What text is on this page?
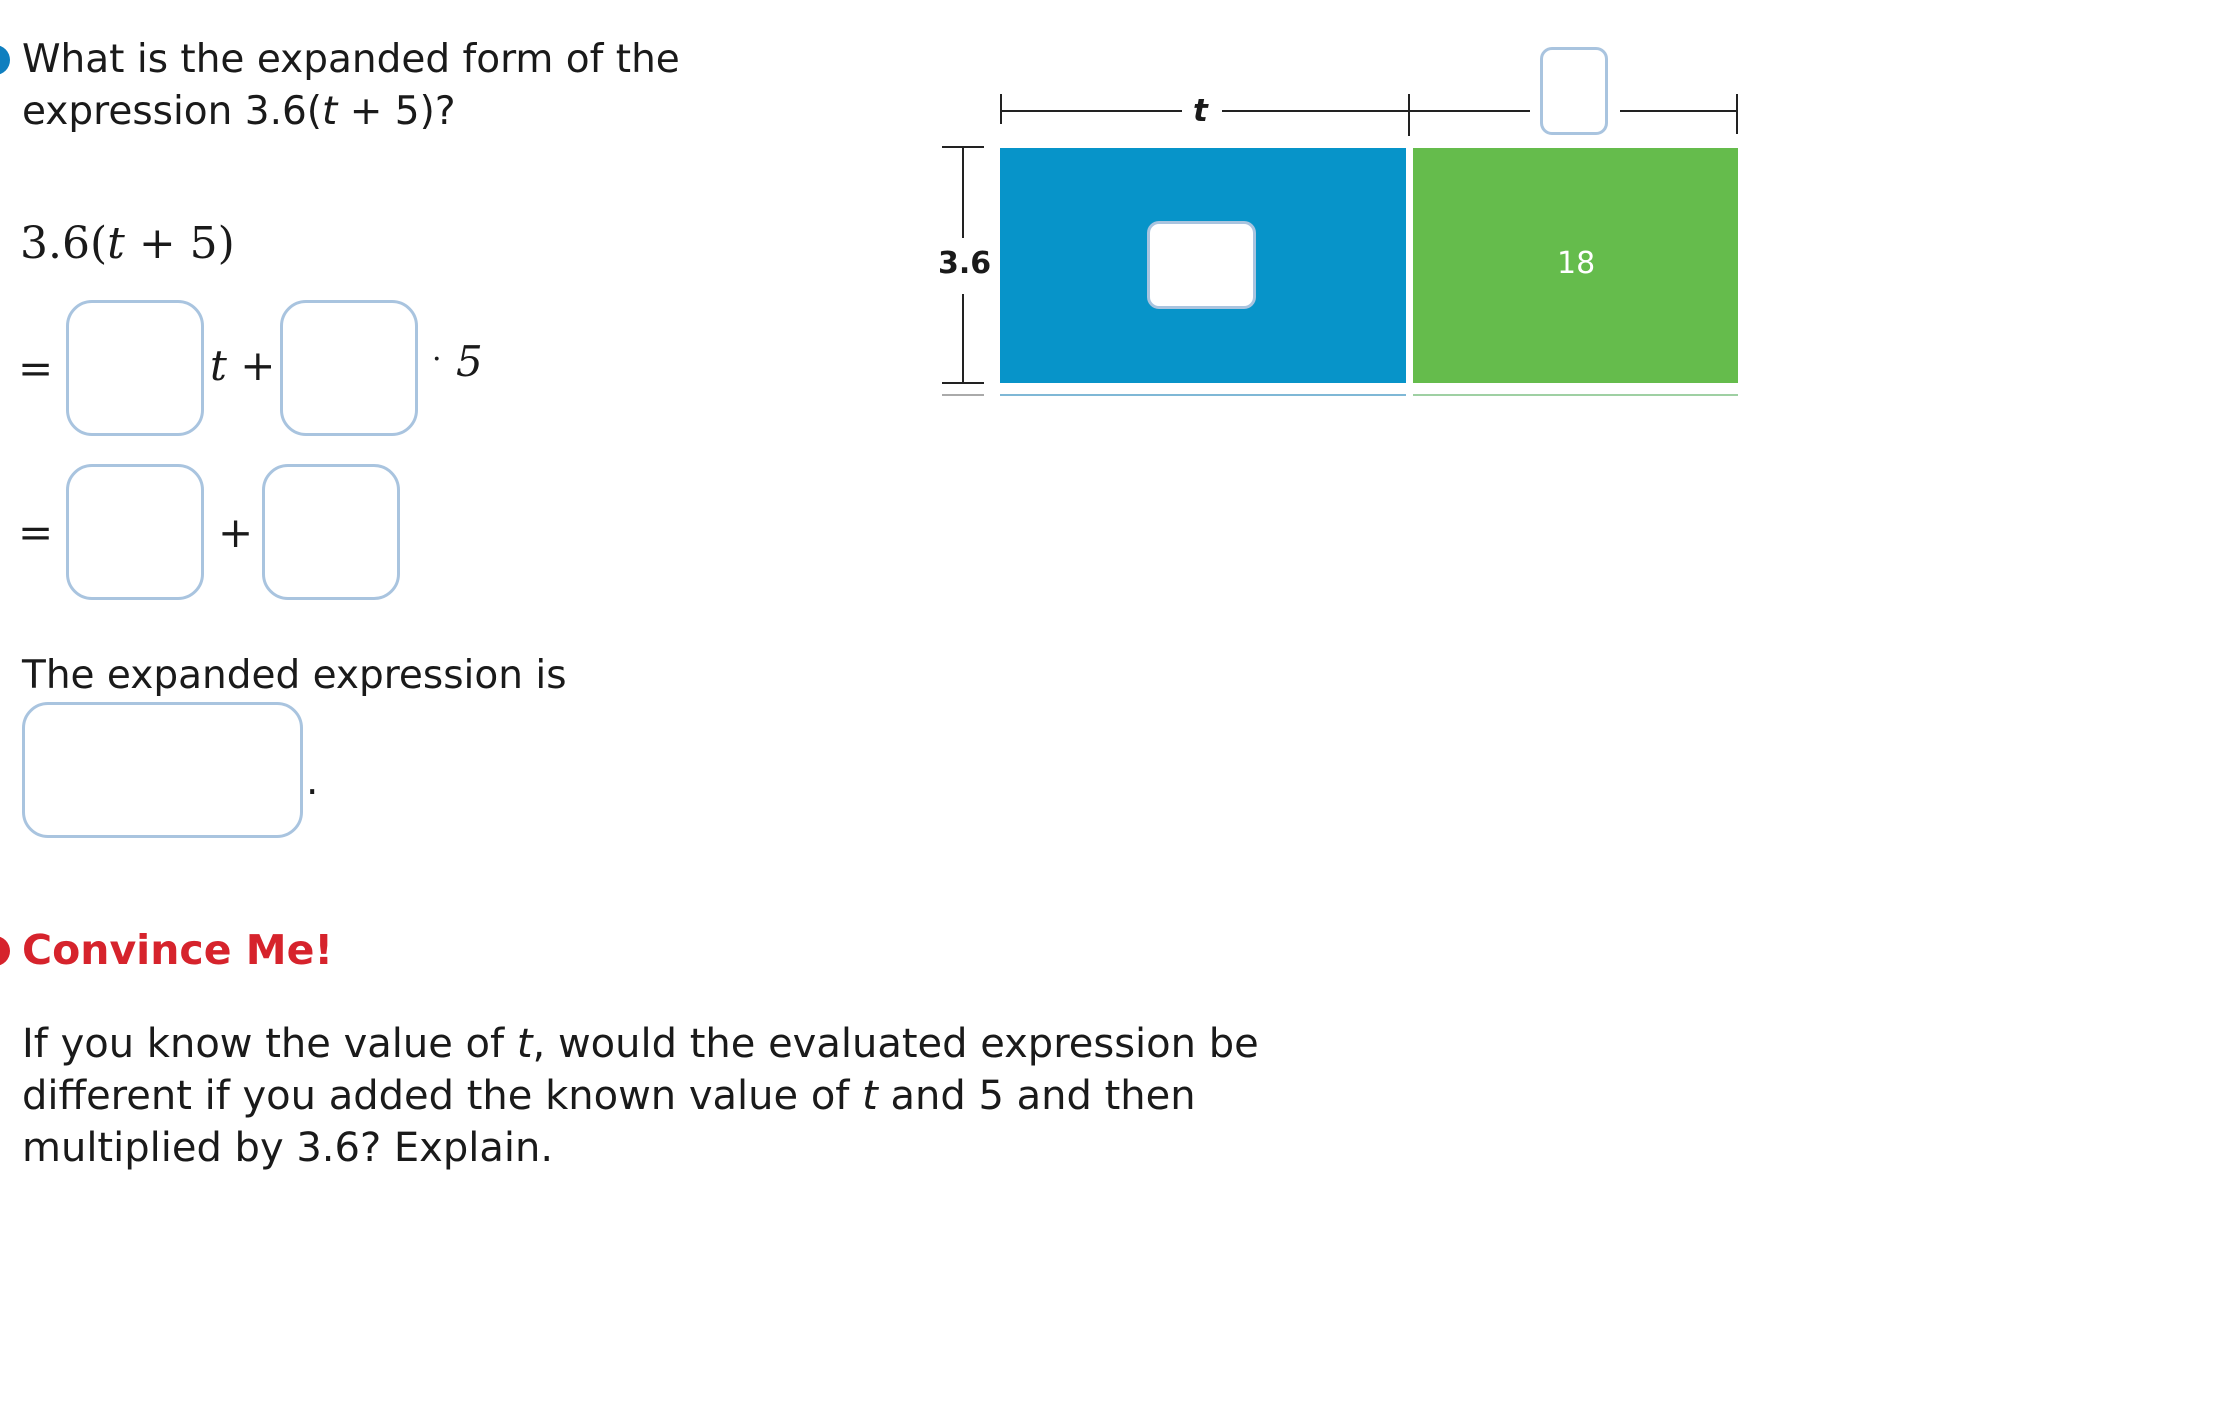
What is the expanded form of the
expression 3.6(t + 5)?
3.6(t + 5)
=	t +	· 5
=	+
The expanded expression is
.
Convince Me!
If you know the value of t, would the evaluated expression be
different if you added the known value of t and 5 and then
multiplied by 3.6? Explain.
t
3.6	18
